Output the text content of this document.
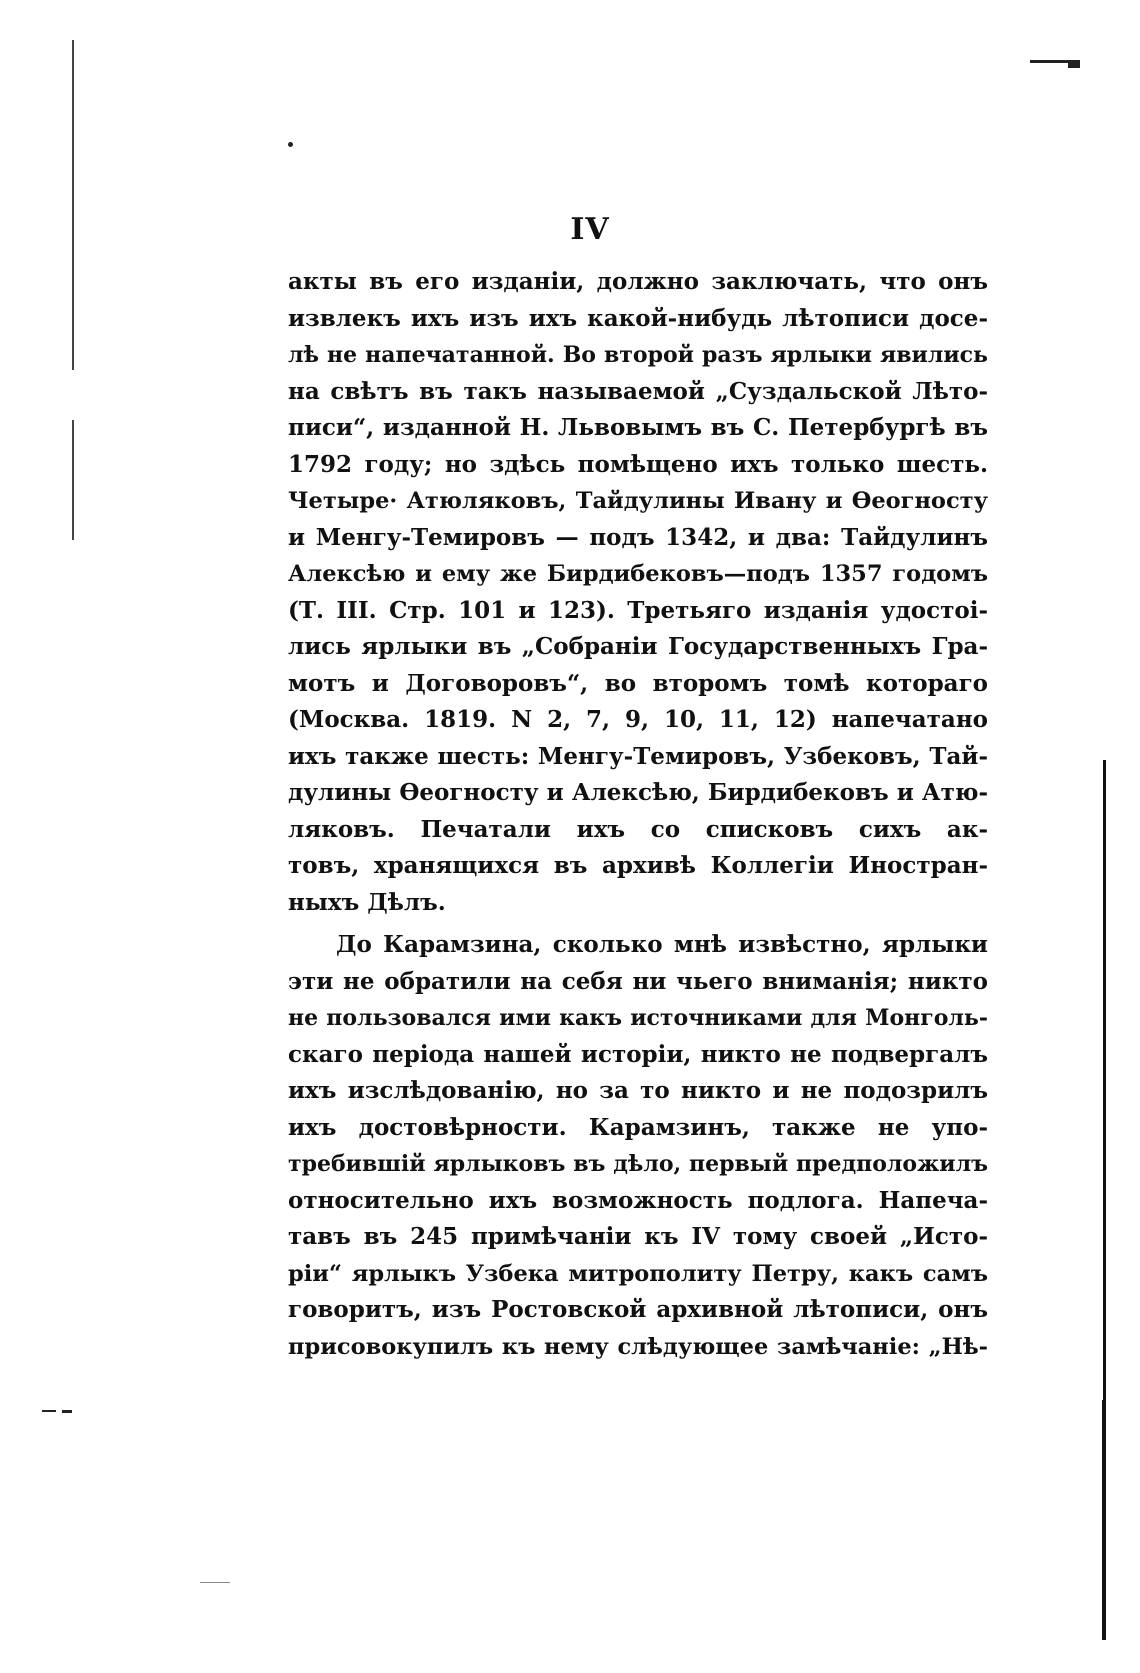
IV
акты въ его изданіи, должно заключать, что онъ
извлекъ ихъ изъ ихъ какой-нибудь лѣтописи досе-
лѣ не напечатанной. Во второй разъ ярлыки явились
на свѣтъ въ такъ называемой „Суздальской Лѣто-
писи“, изданной Н. Львовымъ въ С. Петербургѣ въ
1792 году; но здѣсь помѣщено ихъ только шесть.
Четыре· Атюляковъ, Тайдулины Ивану и Ѳеогносту
и Менгу-Темировъ — подъ 1342, и два: Тайдулинъ
Алексѣю и ему же Бирдибековъ—подъ 1357 годомъ
(Т. III. Стр. 101 и 123). Третьяго изданія удостоі-
лись ярлыки въ „Собраніи Государственныхъ Гра-
мотъ и Договоровъ“, во второмъ томѣ котораго
(Москва. 1819. N 2, 7, 9, 10, 11, 12) напечатано
ихъ также шесть: Менгу-Темировъ, Узбековъ, Тай-
дулины Ѳеогносту и Алексѣю, Бирдибековъ и Атю-
ляковъ. Печатали ихъ со списковъ сихъ ак-
товъ, хранящихся въ архивѣ Коллегіи Иностран-
ныхъ Дѣлъ.
До Карамзина, сколько мнѣ извѣстно, ярлыки
эти не обратили на себя ни чьего вниманія; никто
не пользовался ими какъ источниками для Монголь-
скаго періода нашей исторіи, никто не подвергалъ
ихъ изслѣдованію, но за то никто и не подозрилъ
ихъ достовѣрности. Карамзинъ, также не упо-
требившій ярлыковъ въ дѣло, первый предположилъ
относительно ихъ возможность подлога. Напеча-
тавъ въ 245 примѣчаніи къ IV тому своей „Исто-
ріи“ ярлыкъ Узбека митрополиту Петру, какъ самъ
говоритъ, изъ Ростовской архивной лѣтописи, онъ
присовокупилъ къ нему слѣдующее замѣчаніе: „Нѣ-
